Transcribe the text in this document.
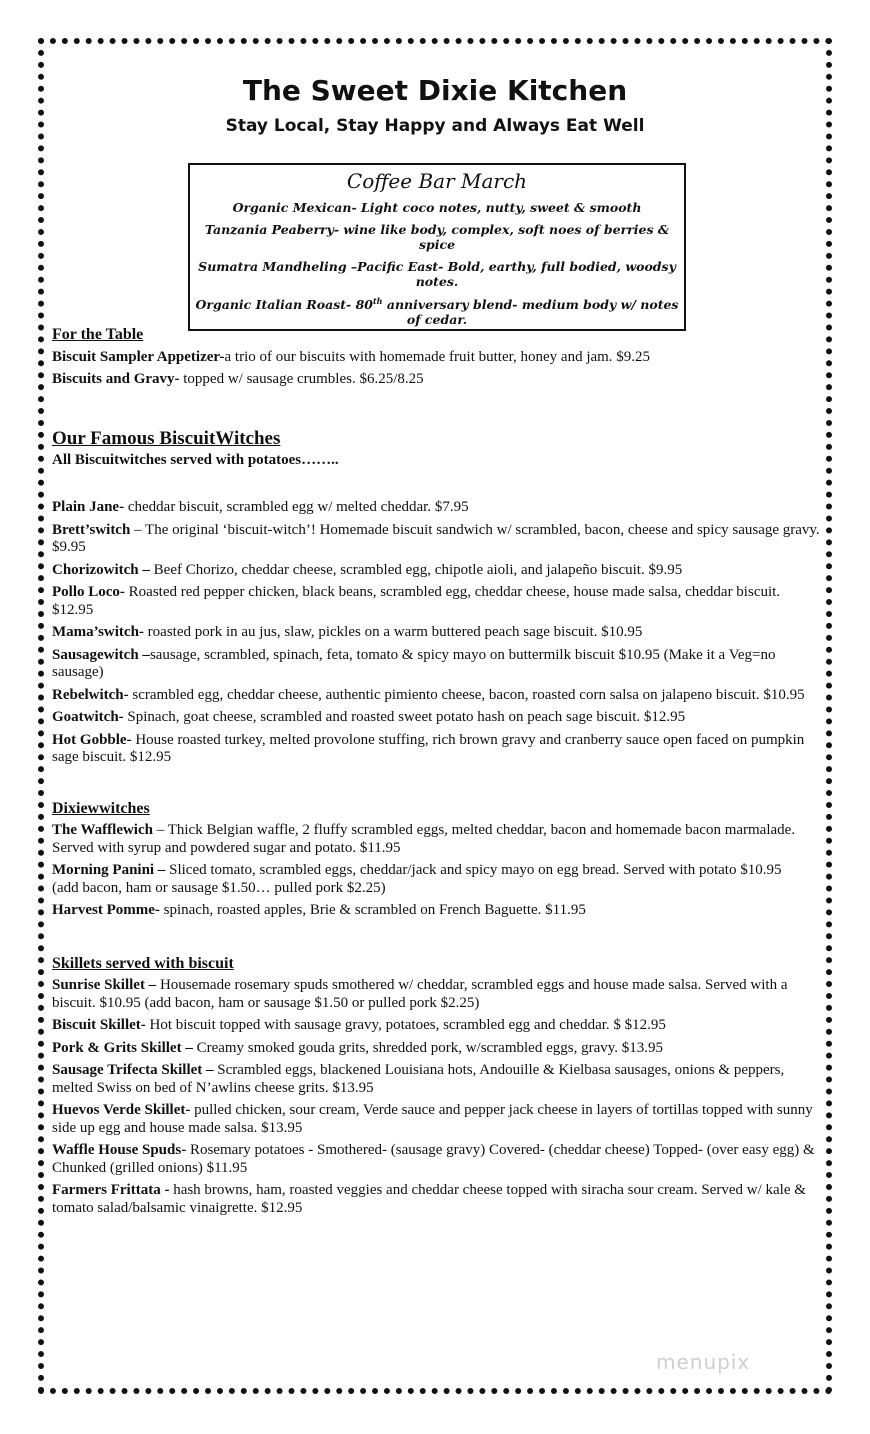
The Sweet Dixie Kitchen
Stay Local, Stay Happy and Always Eat Well
Coffee Bar March
Organic Mexican- Light coco notes, nutty, sweet & smooth
Tanzania Peaberry- wine like body, complex, soft noes of berries & spice
Sumatra Mandheling –Pacific East- Bold, earthy, full bodied, woodsy notes.
Organic Italian Roast- 80th anniversary blend- medium body w/ notes of cedar.
For the Table
Biscuit Sampler Appetizer-a trio of our biscuits with homemade fruit butter, honey and jam. $9.25
Biscuits and Gravy- topped w/ sausage crumbles. $6.25/8.25
Our Famous BiscuitWitches
All Biscuitwitches served with potatoes……..
Plain Jane- cheddar biscuit, scrambled egg w/ melted cheddar. $7.95
Brett’switch – The original ‘biscuit-witch’! Homemade biscuit sandwich w/ scrambled, bacon, cheese and spicy sausage gravy. $9.95
Chorizowitch – Beef Chorizo, cheddar cheese, scrambled egg, chipotle aioli, and jalapeño biscuit. $9.95
Pollo Loco- Roasted red pepper chicken, black beans, scrambled egg, cheddar cheese, house made salsa, cheddar biscuit. $12.95
Mama’switch- roasted pork in au jus, slaw, pickles on a warm buttered peach sage biscuit. $10.95
Sausagewitch –sausage, scrambled, spinach, feta, tomato & spicy mayo on buttermilk biscuit $10.95 (Make it a Veg=no sausage)
Rebelwitch- scrambled egg, cheddar cheese, authentic pimiento cheese, bacon, roasted corn salsa on jalapeno biscuit. $10.95
Goatwitch- Spinach, goat cheese, scrambled and roasted sweet potato hash on peach sage biscuit. $12.95
Hot Gobble- House roasted turkey, melted provolone stuffing, rich brown gravy and cranberry sauce open faced on pumpkin sage biscuit. $12.95
Dixiewwitches
The Wafflewich – Thick Belgian waffle, 2 fluffy scrambled eggs, melted cheddar, bacon and homemade bacon marmalade. Served with syrup and powdered sugar and potato. $11.95
Morning Panini – Sliced tomato, scrambled eggs, cheddar/jack and spicy mayo on egg bread. Served with potato $10.95
(add bacon, ham or sausage $1.50… pulled pork $2.25)
Harvest Pomme- spinach, roasted apples, Brie & scrambled on French Baguette. $11.95
Skillets served with biscuit
Sunrise Skillet – Housemade rosemary spuds smothered w/ cheddar, scrambled eggs and house made salsa. Served with a biscuit. $10.95 (add bacon, ham or sausage $1.50 or pulled pork $2.25)
Biscuit Skillet- Hot biscuit topped with sausage gravy, potatoes, scrambled egg and cheddar. $ $12.95
Pork & Grits Skillet – Creamy smoked gouda grits, shredded pork, w/scrambled eggs, gravy. $13.95
Sausage Trifecta Skillet – Scrambled eggs, blackened Louisiana hots, Andouille & Kielbasa sausages, onions & peppers, melted Swiss on bed of N’awlins cheese grits. $13.95
Huevos Verde Skillet- pulled chicken, sour cream, Verde sauce and pepper jack cheese in layers of tortillas topped with sunny side up egg and house made salsa. $13.95
Waffle House Spuds- Rosemary potatoes - Smothered- (sausage gravy) Covered- (cheddar cheese) Topped- (over easy egg) & Chunked (grilled onions) $11.95
Farmers Frittata - hash browns, ham, roasted veggies and cheddar cheese topped with siracha sour cream. Served w/ kale & tomato salad/balsamic vinaigrette. $12.95
menupix
